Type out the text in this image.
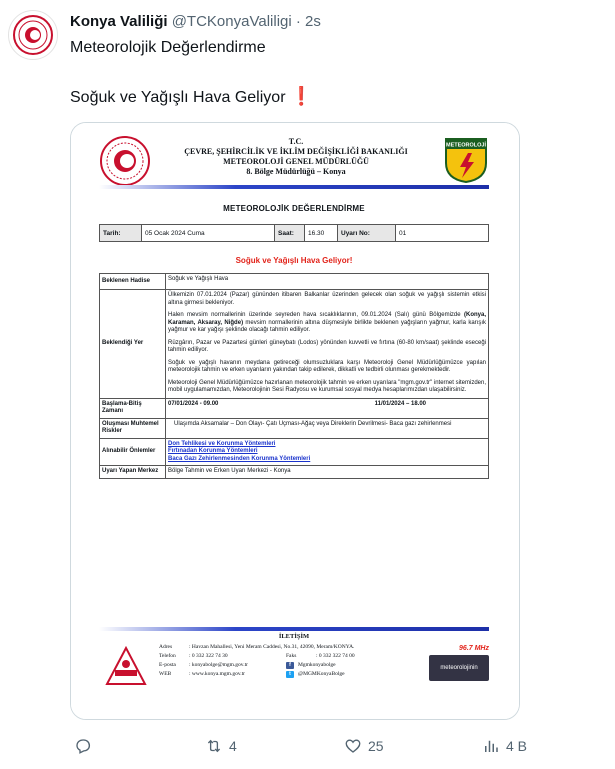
Konya Valiliği @TCKonyaValiligi · 2s
Meteorolojik Değerlendirme
Soğuk ve Yağışlı Hava Geliyor ❗
T.C.
ÇEVRE, ŞEHİRCİLİK VE İKLİM DEĞİŞİKLİĞİ BAKANLIĞI
METEOROLOJİ GENEL MÜDÜRLÜĞÜ
8. Bölge Müdürlüğü – Konya
METEOROLOJİ
METEOROLOJİK DEĞERLENDİRME
Tarih:	05 Ocak 2024 Cuma	Saat:	16.30	Uyarı No:	01
Soğuk ve Yağışlı Hava Geliyor!
Beklenen Hadise	Soğuk ve Yağışlı Hava
Beklendiği Yer	Ülkemizin 07.01.2024 (Pazar) gününden itibaren Balkanlar üzerinden gelecek olan soğuk ve yağışlı sistemin etkisi altına girmesi bekleniyor.

Halen mevsim normallerinin üzerinde seyreden hava sıcaklıklarının, 09.01.2024 (Salı) günü Bölgemizde (Konya, Karaman, Aksaray, Niğde) mevsim normallerinin altına düşmesiyle birlikte beklenen yağışların yağmur, karla karışık yağmur ve kar yağışı şeklinde olacağı tahmin ediliyor.

Rüzgârın, Pazar ve Pazartesi günleri güneybatı (Lodos) yönünden kuvvetli ve fırtına (60-80 km/saat) şeklinde eseceği tahmin ediliyor.

Soğuk ve yağışlı havanın meydana getireceği olumsuzluklara karşı Meteoroloji Genel Müdürlüğümüzce yapılan meteorolojik tahmin ve erken uyarıların yakından takip edilerek, dikkatli ve tedbirli olunması gerekmektedir.

Meteoroloji Genel Müdürlüğümüzce hazırlanan meteorolojik tahmin ve erken uyarılara "mgm.gov.tr" internet sitemizden, mobil uygulamamızdan, Meteorolojinin Sesi Radyosu ve kurumsal sosyal medya hesaplarımızdan ulaşabilirsiniz.

Başlama-Bitiş Zamanı	07/01/2024 - 09.00 11/01/2024 – 18.00

Oluşması Muhtemel Riskler	Ulaşımda Aksamalar – Don Olayı- Çatı Uçması-Ağaç veya Direklerin Devrilmesi- Baca gazı zehirlenmesi
Alınabilir Önlemler	Don Tehlikesi ve Korunma Yöntemleri
Fırtınadan Korunma Yöntemleri
Baca Gazı Zehirlenmesinden Korunma Yöntemleri

Uyarı Yapan Merkez	Bölge Tahmin ve Erken Uyarı Merkezi - Konya
İLETİŞİM
Adres	: Havzan Mahallesi, Yeni Meram Caddesi, No.31, 42090, Meram/KONYA.
Telefon	: 0 332 322 74 30
E-posta	: konyabolge@mgm.gov.tr
WEB	: www.konya.mgm.gov.tr
Faks	: 0 332 322 74 00
f	Mgmkonyabolge
t	@MGMKonyaBolge
96.7 MHz
meteorolojinin
4	25	4 B
